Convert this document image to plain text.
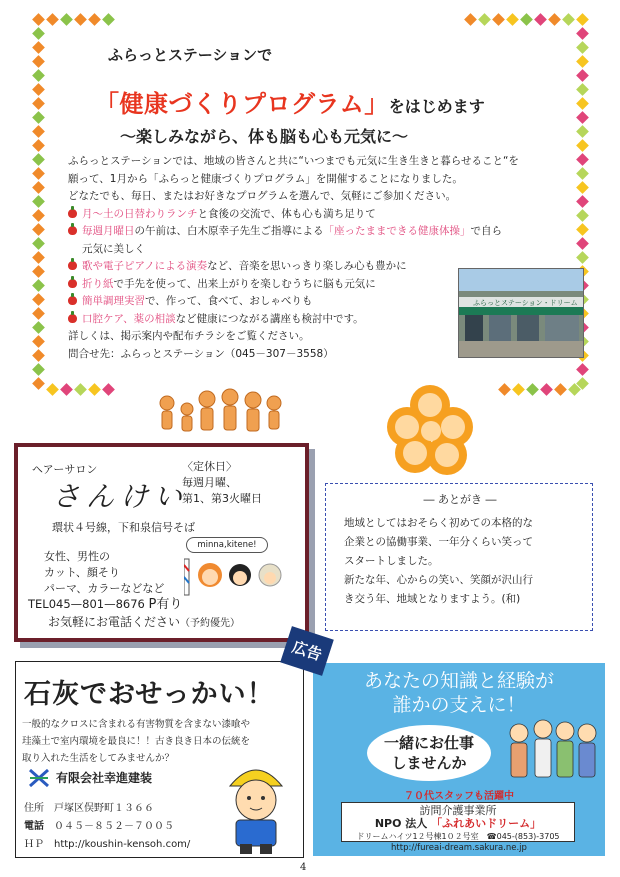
ふらっとステーションで
「健康づくりプログラム」をはじめます
～楽しみながら、体も脳も心も元気に～

ふらっとステーションでは、地域の皆さんと共に“いつまでも元気に生き生きと暮らせること“を

願って、1月から「ふらっと健康づくりプログラム」を開催することになりました。

どなたでも、毎日、またはお好きなプログラムを選んで、気軽にご参加ください。

月～土の日替わりランチと食後の交流で、体も心も満ち足りて

毎週月曜日の午前は、白木原幸子先生ご指導による「座ったままできる健康体操」で自ら

元気に美しく

歌や電子ピアノによる演奏など、音楽を思いっきり楽しみ心も豊かに

折り紙で手先を使って、出来上がりを楽しむうちに脳も元気に

簡単調理実習で、作って、食べて、おしゃべりも

口腔ケア、薬の相談など健康につながる講座も検討中です。

詳しくは、掲示案内や配布チラシをご覧ください。

問合せ先：ふらっとステーション（045－307－3558）

ふらっとステーション・ドリーム
ヘアーサロン
さんけい
〈定休日〉
毎週月曜、
第1、第3火曜日
環状４号線，下和泉信号そば
女性、男性の
カット、顔そり
パーマ、カラーなどなど
minna,kitene!
TEL045—801—8676 P有り
お気軽にお電話ください（予約優先）
広告
― あとがき ―
地域としてはおそらく初めての本格的な
企業との協働事業、一年分くらい笑って
スタートしました。
新たな年、心からの笑い、笑顔が沢山行
き交う年、地域となりますよう。(和)
石灰でおせっかい！
一般的なクロスに含まれる有害物質を含まない漆喰や
珪藻土で室内環境を最良に！！古き良き日本の伝統を
取り入れた生活をしてみませんか？
有限会社幸進建装
住所　 戸塚区俣野町１３６６
電話　 ０４５－８５２－７００５
ＨＰ　 http://koushin-kensoh.com/
あなたの知識と経験が
誰かの支えに！
一緒にお仕事
しませんか
７０代スタッフも活躍中
訪問介護事業所
NPO 法人 「ふれあいドリーム」
ドリームハイツ1２号棟1０２号室　 ☎045-(853)-3705
http://fureai-dream.sakura.ne.jp
4
